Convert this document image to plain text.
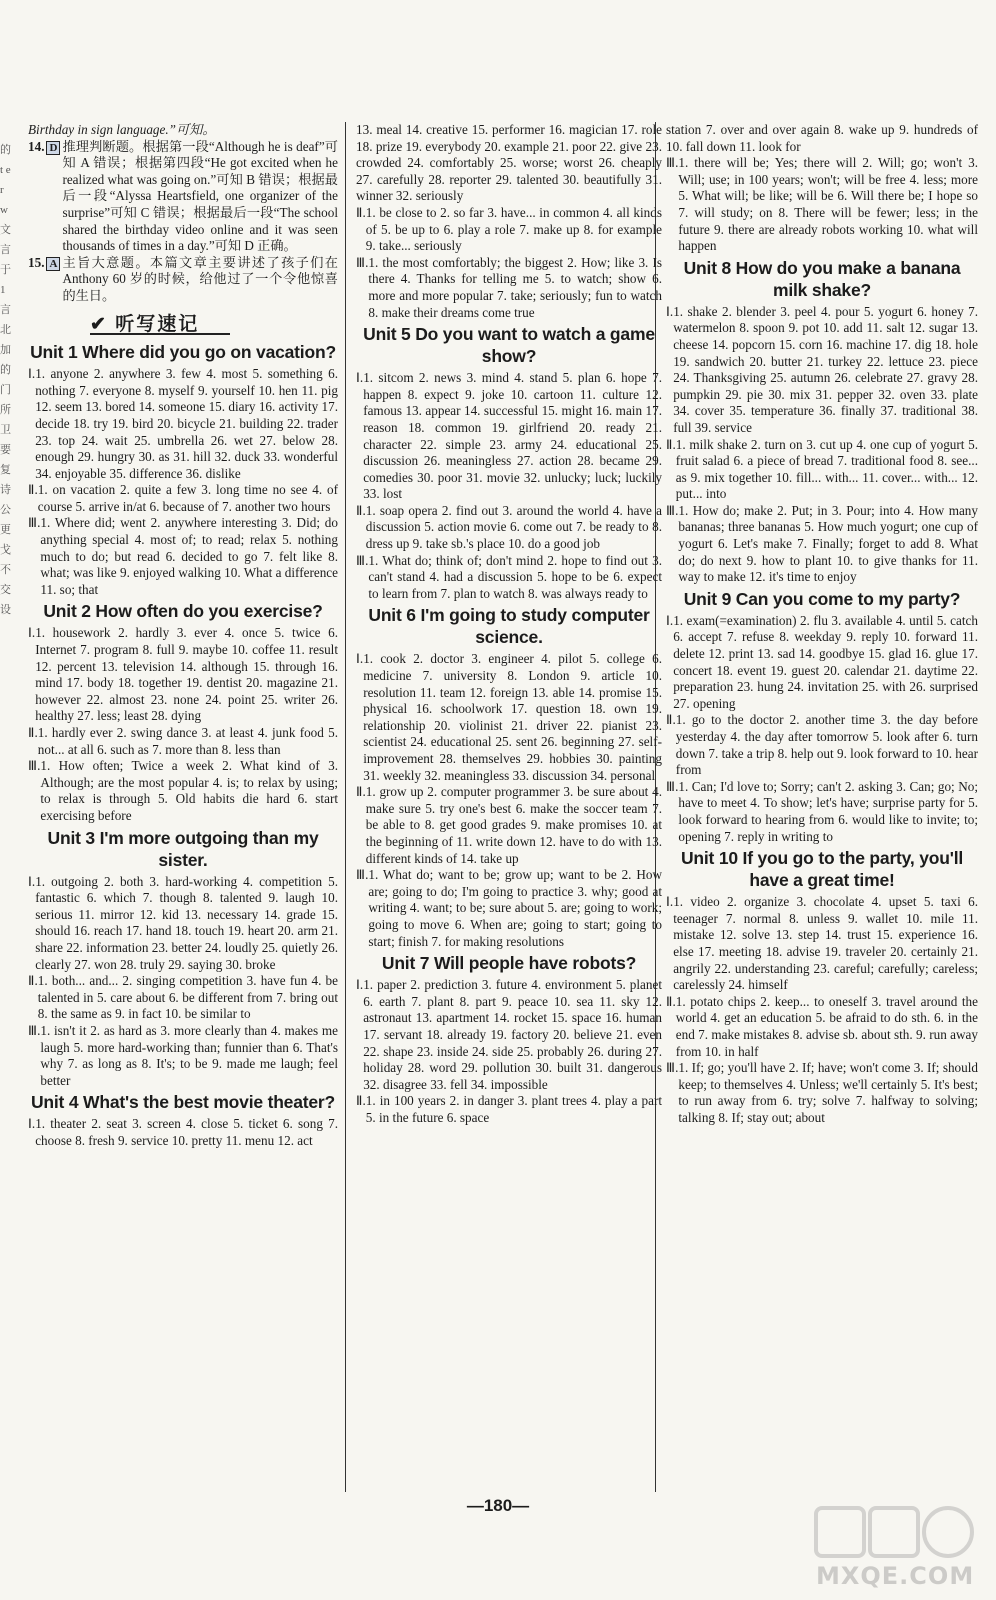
的 t e r w 文 言 于 1 言 北 加 的 门 所 卫 要 复 诗 公 更 戈 不 交 设

Birthday in sign language.”可知。

14. D 推理判断题。根据第一段“Although he is deaf”可知 A 错误；根据第四段“He got excited when he realized what was going on.”可知 B 错误；根据最后一段“Alyssa Heartsfield, one organizer of the surprise”可知 C 错误；根据最后一段“The school shared the birthday video online and it was seen thousands of times in a day.”可知 D 正确。

15. A 主旨大意题。本篇文章主要讲述了孩子们在 Anthony 60 岁的时候，给他过了一个令他惊喜的生日。

✔ 听写速记
Unit 1 Where did you go on vacation?
Ⅰ. 1. anyone 2. anywhere 3. few 4. most 5. something 6. nothing 7. everyone 8. myself 9. yourself 10. hen 11. pig 12. seem 13. bored 14. someone 15. diary 16. activity 17. decide 18. try 19. bird 20. bicycle 21. building 22. trader 23. top 24. wait 25. umbrella 26. wet 27. below 28. enough 29. hungry 30. as 31. hill 32. duck 33. wonderful 34. enjoyable 35. difference 36. dislike

Ⅱ. 1. on vacation 2. quite a few 3. long time no see 4. of course 5. arrive in/at 6. because of 7. another two hours

Ⅲ. 1. Where did; went 2. anywhere interesting 3. Did; do anything special 4. most of; to read; relax 5. nothing much to do; but read 6. decided to go 7. felt like 8. what; was like 9. enjoyed walking 10. What a difference 11. so; that

Unit 2 How often do you exercise?
Ⅰ. 1. housework 2. hardly 3. ever 4. once 5. twice 6. Internet 7. program 8. full 9. maybe 10. coffee 11. result 12. percent 13. television 14. although 15. through 16. mind 17. body 18. together 19. dentist 20. magazine 21. however 22. almost 23. none 24. point 25. writer 26. healthy 27. less; least 28. dying

Ⅱ. 1. hardly ever 2. swing dance 3. at least 4. junk food 5. not... at all 6. such as 7. more than 8. less than

Ⅲ. 1. How often; Twice a week 2. What kind of 3. Although; are the most popular 4. is; to relax by using; to relax is through 5. Old habits die hard 6. start exercising before

Unit 3 I'm more outgoing than my sister.
Ⅰ. 1. outgoing 2. both 3. hard-working 4. competition 5. fantastic 6. which 7. though 8. talented 9. laugh 10. serious 11. mirror 12. kid 13. necessary 14. grade 15. should 16. reach 17. hand 18. touch 19. heart 20. arm 21. share 22. information 23. better 24. loudly 25. quietly 26. clearly 27. won 28. truly 29. saying 30. broke

Ⅱ. 1. both... and... 2. singing competition 3. have fun 4. be talented in 5. care about 6. be different from 7. bring out 8. the same as 9. in fact 10. be similar to

Ⅲ. 1. isn't it 2. as hard as 3. more clearly than 4. makes me laugh 5. more hard-working than; funnier than 6. That's why 7. as long as 8. It's; to be 9. made me laugh; feel better

Unit 4 What's the best movie theater?
Ⅰ. 1. theater 2. seat 3. screen 4. close 5. ticket 6. song 7. choose 8. fresh 9. service 10. pretty 11. menu 12. act

13. meal 14. creative 15. performer 16. magician 17. role 18. prize 19. everybody 20. example 21. poor 22. give 23. crowded 24. comfortably 25. worse; worst 26. cheaply 27. carefully 28. reporter 29. talented 30. beautifully 31. winner 32. seriously

Ⅱ. 1. be close to 2. so far 3. have... in common 4. all kinds of 5. be up to 6. play a role 7. make up 8. for example 9. take... seriously

Ⅲ. 1. the most comfortably; the biggest 2. How; like 3. Is there 4. Thanks for telling me 5. to watch; show 6. more and more popular 7. take; seriously; fun to watch 8. make their dreams come true

Unit 5 Do you want to watch a game show?
Ⅰ. 1. sitcom 2. news 3. mind 4. stand 5. plan 6. hope 7. happen 8. expect 9. joke 10. cartoon 11. culture 12. famous 13. appear 14. successful 15. might 16. main 17. reason 18. common 19. girlfriend 20. ready 21. character 22. simple 23. army 24. educational 25. discussion 26. meaningless 27. action 28. became 29. comedies 30. poor 31. movie 32. unlucky; luck; luckily 33. lost

Ⅱ. 1. soap opera 2. find out 3. around the world 4. have a discussion 5. action movie 6. come out 7. be ready to 8. dress up 9. take sb.'s place 10. do a good job

Ⅲ. 1. What do; think of; don't mind 2. hope to find out 3. can't stand 4. had a discussion 5. hope to be 6. expect to learn from 7. plan to watch 8. was always ready to

Unit 6 I'm going to study computer science.
Ⅰ. 1. cook 2. doctor 3. engineer 4. pilot 5. college 6. medicine 7. university 8. London 9. article 10. resolution 11. team 12. foreign 13. able 14. promise 15. physical 16. schoolwork 17. question 18. own 19. relationship 20. violinist 21. driver 22. pianist 23. scientist 24. educational 25. sent 26. beginning 27. self-improvement 28. themselves 29. hobbies 30. painting 31. weekly 32. meaningless 33. discussion 34. personal

Ⅱ. 1. grow up 2. computer programmer 3. be sure about 4. make sure 5. try one's best 6. make the soccer team 7. be able to 8. get good grades 9. make promises 10. at the beginning of 11. write down 12. have to do with 13. different kinds of 14. take up

Ⅲ. 1. What do; want to be; grow up; want to be 2. How are; going to do; I'm going to practice 3. why; good at writing 4. want; to be; sure about 5. are; going to work; going to move 6. When are; going to start; going to start; finish 7. for making resolutions

Unit 7 Will people have robots?
Ⅰ. 1. paper 2. prediction 3. future 4. environment 5. planet 6. earth 7. plant 8. part 9. peace 10. sea 11. sky 12. astronaut 13. apartment 14. rocket 15. space 16. human 17. servant 18. already 19. factory 20. believe 21. even 22. shape 23. inside 24. side 25. probably 26. during 27. holiday 28. word 29. pollution 30. built 31. dangerous 32. disagree 33. fell 34. impossible

Ⅱ. 1. in 100 years 2. in danger 3. plant trees 4. play a part 5. in the future 6. space

station 7. over and over again 8. wake up 9. hundreds of 10. fall down 11. look for

Ⅲ. 1. there will be; Yes; there will 2. Will; go; won't 3. Will; use; in 100 years; won't; will be free 4. less; more 5. What will; be like; will be 6. Will there be; I hope so 7. will study; on 8. There will be fewer; less; in the future 9. there are already robots working 10. what will happen

Unit 8 How do you make a banana milk shake?
Ⅰ. 1. shake 2. blender 3. peel 4. pour 5. yogurt 6. honey 7. watermelon 8. spoon 9. pot 10. add 11. salt 12. sugar 13. cheese 14. popcorn 15. corn 16. machine 17. dig 18. hole 19. sandwich 20. butter 21. turkey 22. lettuce 23. piece 24. Thanksgiving 25. autumn 26. celebrate 27. gravy 28. pumpkin 29. pie 30. mix 31. pepper 32. oven 33. plate 34. cover 35. temperature 36. finally 37. traditional 38. full 39. service

Ⅱ. 1. milk shake 2. turn on 3. cut up 4. one cup of yogurt 5. fruit salad 6. a piece of bread 7. traditional food 8. see... as 9. mix together 10. fill... with... 11. cover... with... 12. put... into

Ⅲ. 1. How do; make 2. Put; in 3. Pour; into 4. How many bananas; three bananas 5. How much yogurt; one cup of yogurt 6. Let's make 7. Finally; forget to add 8. What do; do next 9. how to plant 10. to give thanks for 11. way to make 12. it's time to enjoy

Unit 9 Can you come to my party?
Ⅰ. 1. exam(=examination) 2. flu 3. available 4. until 5. catch 6. accept 7. refuse 8. weekday 9. reply 10. forward 11. delete 12. print 13. sad 14. goodbye 15. glad 16. glue 17. concert 18. event 19. guest 20. calendar 21. daytime 22. preparation 23. hung 24. invitation 25. with 26. surprised 27. opening

Ⅱ. 1. go to the doctor 2. another time 3. the day before yesterday 4. the day after tomorrow 5. look after 6. turn down 7. take a trip 8. help out 9. look forward to 10. hear from

Ⅲ. 1. Can; I'd love to; Sorry; can't 2. asking 3. Can; go; No; have to meet 4. To show; let's have; surprise party for 5. look forward to hearing from 6. would like to invite; to; opening 7. reply in writing to

Unit 10 If you go to the party, you'll have a great time!
Ⅰ. 1. video 2. organize 3. chocolate 4. upset 5. taxi 6. teenager 7. normal 8. unless 9. wallet 10. mile 11. mistake 12. solve 13. step 14. trust 15. experience 16. else 17. meeting 18. advise 19. traveler 20. certainly 21. angrily 22. understanding 23. careful; carefully; careless; carelessly 24. himself

Ⅱ. 1. potato chips 2. keep... to oneself 3. travel around the world 4. get an education 5. be afraid to do sth. 6. in the end 7. make mistakes 8. advise sb. about sth. 9. run away from 10. in half

Ⅲ. 1. If; go; you'll have 2. If; have; won't come 3. If; should keep; to themselves 4. Unless; we'll certainly 5. It's best; to run away from 6. try; solve 7. halfway to solving; talking 8. If; stay out; about

—180—
MXQE.COM
